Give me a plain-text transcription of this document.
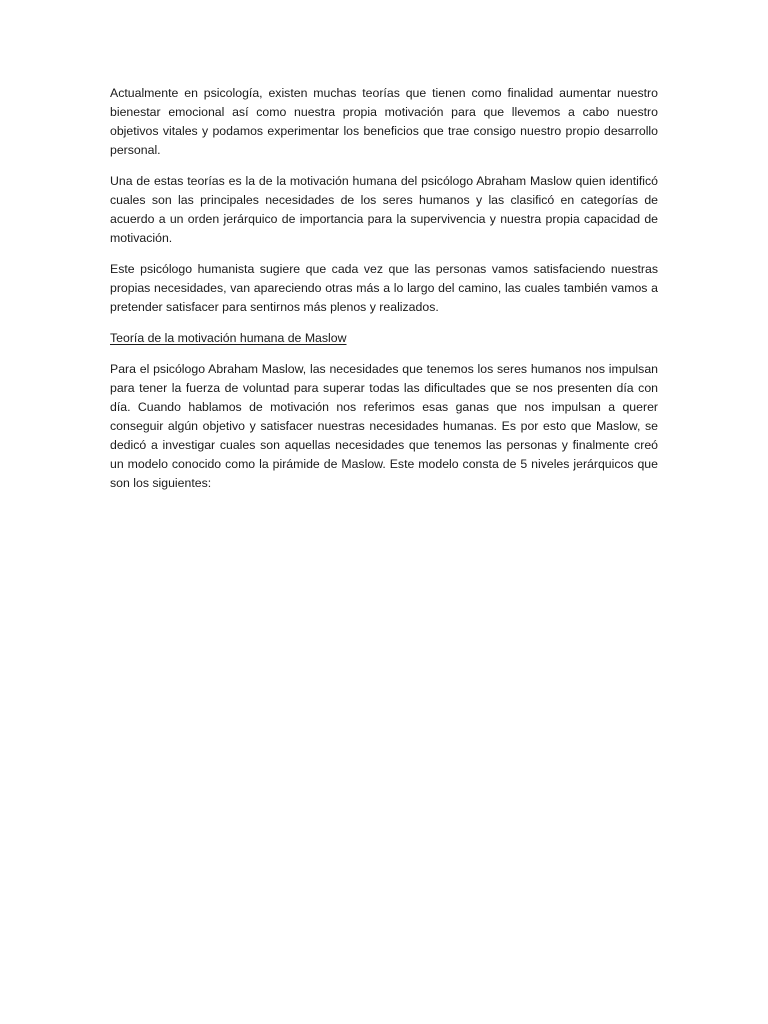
Actualmente en psicología, existen muchas teorías que tienen como finalidad aumentar nuestro bienestar emocional así como nuestra propia motivación para que llevemos a cabo nuestro objetivos vitales y podamos experimentar los beneficios que trae consigo nuestro propio desarrollo personal.

Una de estas teorías es la de la motivación humana del psicólogo Abraham Maslow quien identificó cuales son las principales necesidades de los seres humanos y las clasificó en categorías de acuerdo a un orden jerárquico de importancia para la supervivencia y nuestra propia capacidad de motivación.

Este psicólogo humanista sugiere que cada vez que las personas vamos satisfaciendo nuestras propias necesidades, van apareciendo otras más a lo largo del camino, las cuales también vamos a pretender satisfacer para sentirnos más plenos y realizados.

Teoría de la motivación humana de Maslow

Para el psicólogo Abraham Maslow, las necesidades que tenemos los seres humanos nos impulsan para tener la fuerza de voluntad para superar todas las dificultades que se nos presenten día con día. Cuando hablamos de motivación nos referimos esas ganas que nos impulsan a querer conseguir algún objetivo y satisfacer nuestras necesidades humanas. Es por esto que Maslow, se dedicó a investigar cuales son aquellas necesidades que tenemos las personas y finalmente creó un modelo conocido como la pirámide de Maslow. Este modelo consta de 5 niveles jerárquicos que son los siguientes:
